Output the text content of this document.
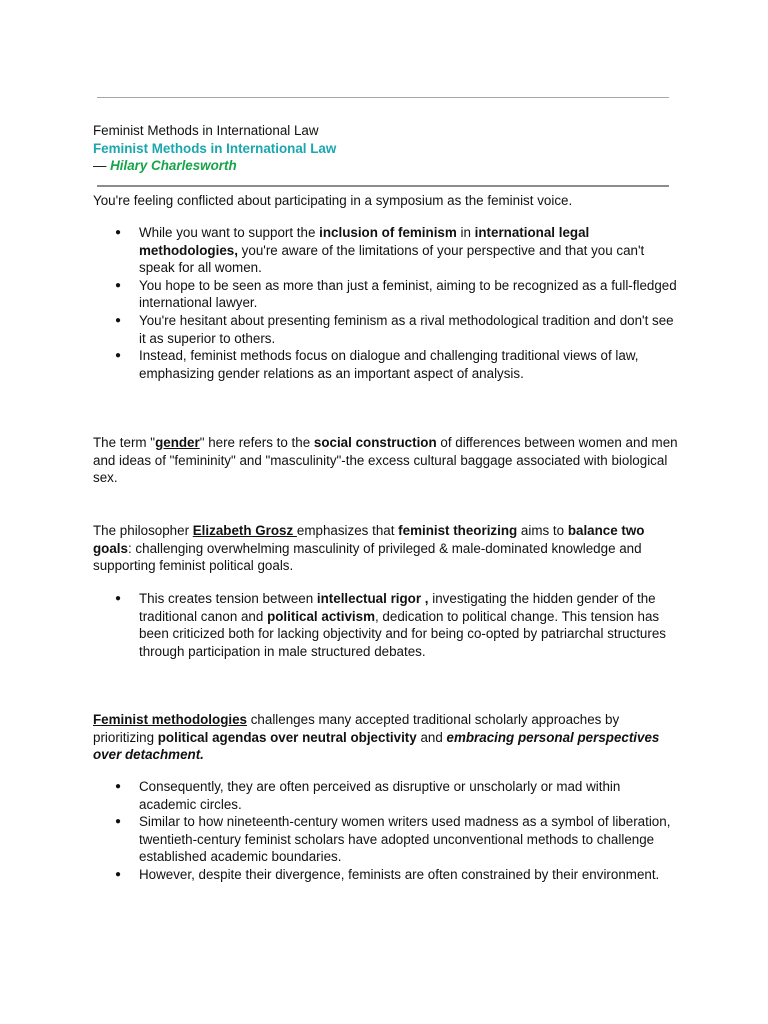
Feminist Methods in International Law
Feminist Methods in International Law
— Hilary Charlesworth

You're feeling conflicted about participating in a symposium as the feminist voice.

● While you want to support the inclusion of feminism in international legal methodologies, you're aware of the limitations of your perspective and that you can't speak for all women.
● You hope to be seen as more than just a feminist, aiming to be recognized as a full-fledged international lawyer.
● You're hesitant about presenting feminism as a rival methodological tradition and don't see it as superior to others.
● Instead, feminist methods focus on dialogue and challenging traditional views of law, emphasizing gender relations as an important aspect of analysis.

The term "gender" here refers to the social construction of differences between women and men and ideas of "femininity" and "masculinity"-the excess cultural baggage associated with biological sex.

The philosopher Elizabeth Grosz emphasizes that feminist theorizing aims to balance two goals: challenging overwhelming masculinity of privileged & male-dominated knowledge and supporting feminist political goals.

● This creates tension between intellectual rigor , investigating the hidden gender of the traditional canon and political activism, dedication to political change. This tension has been criticized both for lacking objectivity and for being co-opted by patriarchal structures through participation in male structured debates.

Feminist methodologies challenges many accepted traditional scholarly approaches by prioritizing political agendas over neutral objectivity and embracing personal perspectives over detachment.

● Consequently, they are often perceived as disruptive or unscholarly or mad within academic circles.
● Similar to how nineteenth-century women writers used madness as a symbol of liberation, twentieth-century feminist scholars have adopted unconventional methods to challenge established academic boundaries.
● However, despite their divergence, feminists are often constrained by their environment.
